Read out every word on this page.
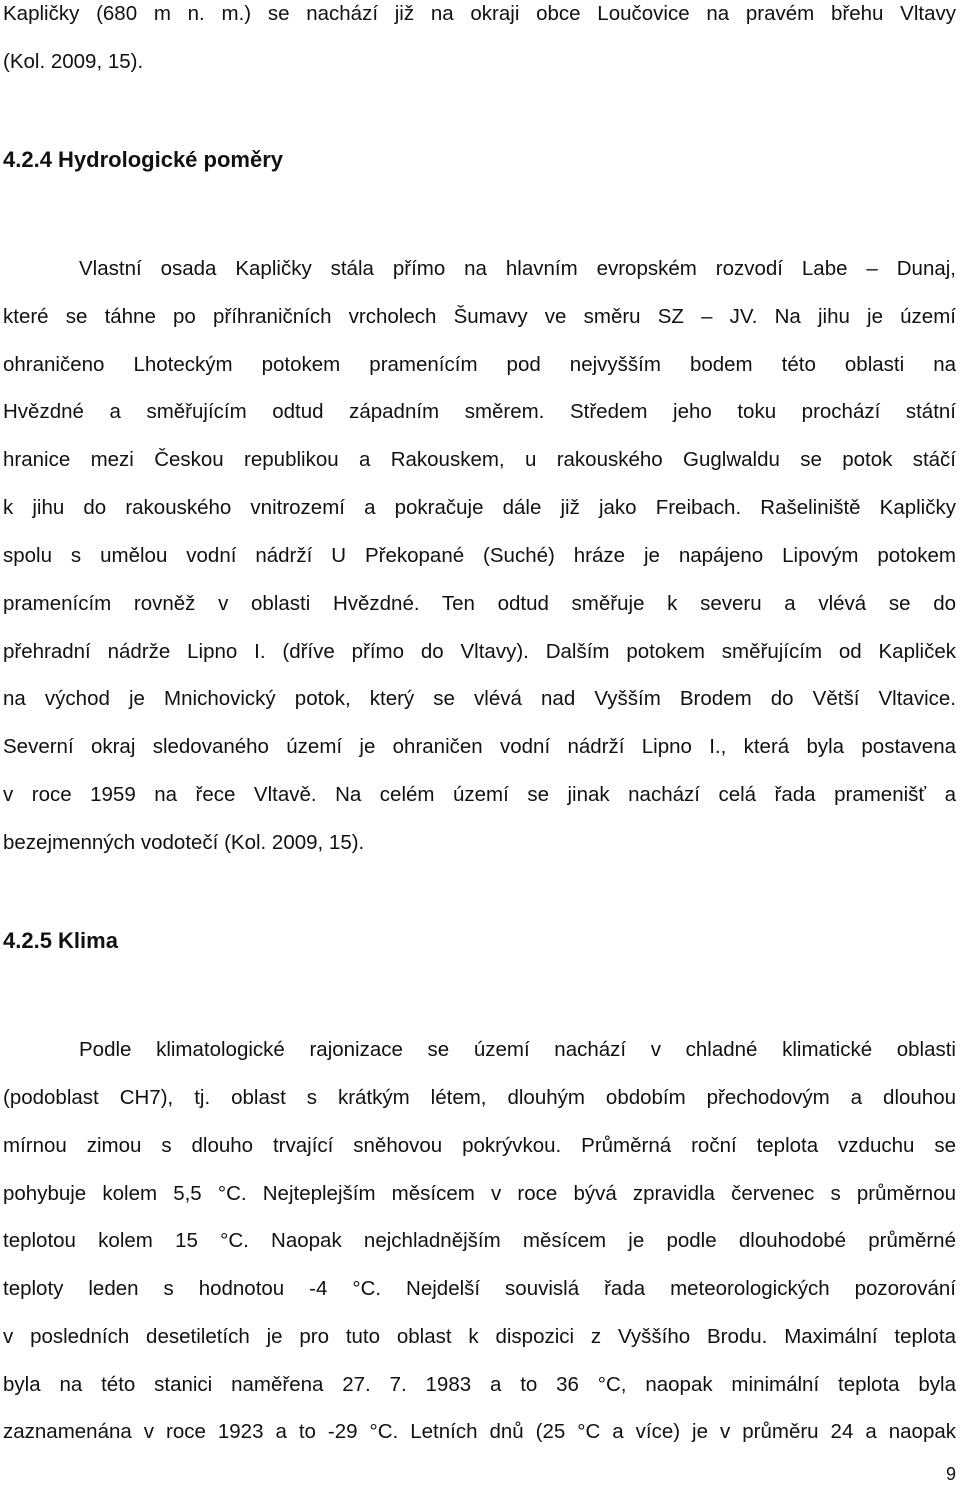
Kapličky (680 m n. m.) se nachází již na okraji obce Loučovice na pravém břehu Vltavy
(Kol. 2009, 15).
4.2.4 Hydrologické poměry
Vlastní osada Kapličky stála přímo na hlavním evropském rozvodí Labe – Dunaj,
které se táhne po příhraničních vrcholech Šumavy ve směru SZ – JV. Na jihu je území
ohraničeno Lhoteckým potokem pramenícím pod nejvyšším bodem této oblasti na
Hvězdné a směřujícím odtud západním směrem. Středem jeho toku prochází státní
hranice mezi Českou republikou a Rakouskem, u rakouského Guglwaldu se potok stáčí
k jihu do rakouského vnitrozemí a pokračuje dále již jako Freibach. Rašeliniště Kapličky
spolu s umělou vodní nádrží U Překopané (Suché) hráze je napájeno Lipovým potokem
pramenícím rovněž v oblasti Hvězdné. Ten odtud směřuje k severu a vlévá se do
přehradní nádrže Lipno I. (dříve přímo do Vltavy). Dalším potokem směřujícím od Kapliček
na východ je Mnichovický potok, který se vlévá nad Vyšším Brodem do Větší Vltavice.
Severní okraj sledovaného území je ohraničen vodní nádrží Lipno I., která byla postavena
v roce 1959 na řece Vltavě. Na celém území se jinak nachází celá řada pramenišť a
bezejmenných vodotečí (Kol. 2009, 15).
4.2.5 Klima
Podle klimatologické rajonizace se území nachází v chladné klimatické oblasti
(podoblast CH7), tj. oblast s krátkým létem, dlouhým obdobím přechodovým a dlouhou
mírnou zimou s dlouho trvající sněhovou pokrývkou. Průměrná roční teplota vzduchu se
pohybuje kolem 5,5 °C. Nejteplejším měsícem v roce bývá zpravidla červenec s průměrnou
teplotou kolem 15 °C. Naopak nejchladnějším měsícem je podle dlouhodobé průměrné
teploty leden s hodnotou -4 °C. Nejdelší souvislá řada meteorologických pozorování
v posledních desetiletích je pro tuto oblast k dispozici z Vyššího Brodu. Maximální teplota
byla na této stanici naměřena 27. 7. 1983 a to 36 °C, naopak minimální teplota byla
zaznamenána v roce 1923 a to -29 °C. Letních dnů (25 °C a více) je v průměru 24 a naopak
9
